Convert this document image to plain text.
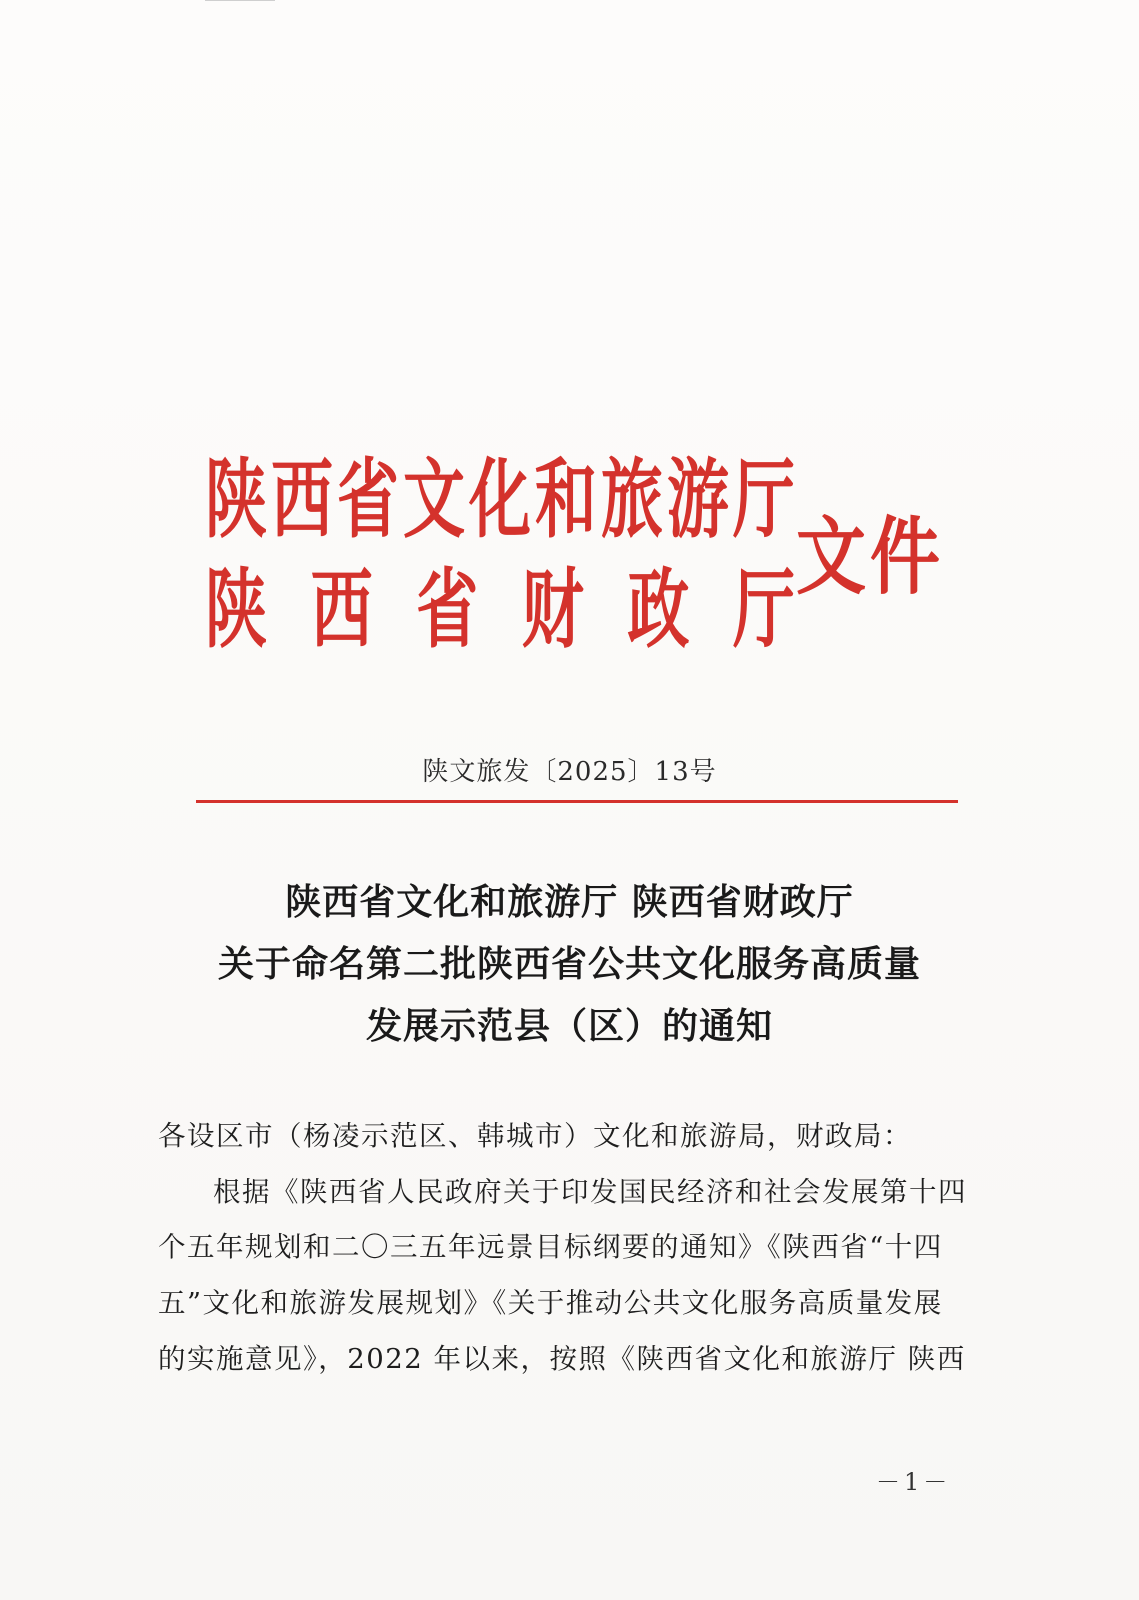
陕 西 省 文 化 和 旅 游 厅
陕 西 省 财 政 厅
文件
陕文旅发〔2025〕13号
陕西省文化和旅游厅 陕西省财政厅
关于命名第二批陕西省公共文化服务高质量
发展示范县（区）的通知
各设区市（杨凌示范区、韩城市）文化和旅游局，财政局：
根据《陕西省人民政府关于印发国民经济和社会发展第十四
个五年规划和二〇三五年远景目标纲要的通知》《陕西省“十四
五”文化和旅游发展规划》《关于推动公共文化服务高质量发展
的实施意见》，2022 年以来，按照《陕西省文化和旅游厅 陕西
－1－
